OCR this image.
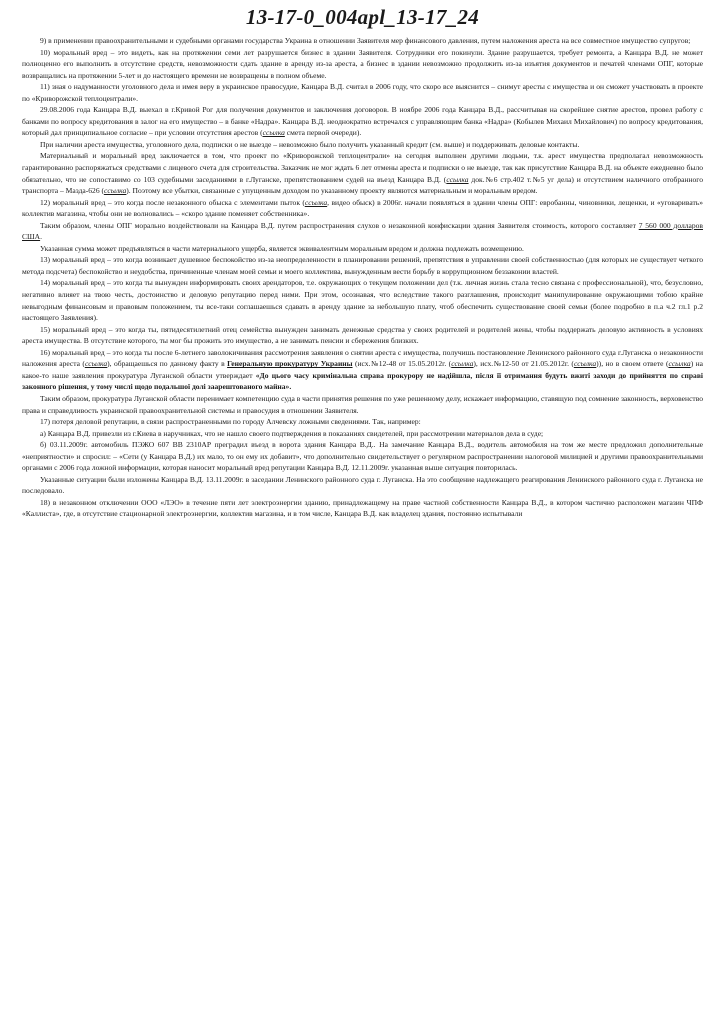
13-17-0_004apl_13-17_24

9) в применении правоохранительными и судебными органами государства Украина в отношении Заявителя мер финансового давления, путем наложения ареста на все совместное имущество супругов;

10) моральный вред – это видеть, как на протяжении семи лет разрушается бизнес в здании Заявителя. Сотрудники его покинули. Здание разрушается, требует ремонта, а Канцара В.Д. не может полноценно его выполнить в отсутствие средств, невозможности сдать здание в аренду из-за ареста, а бизнес в здании невозможно продолжить из-за изъятия документов и печатей членами ОПГ, которые возвращались на протяжении 5-лет и до настоящего времени не возвращены в полном объеме.

11) зная о надуманности уголовного дела и имея веру в украинское правосудие, Канцара В.Д. считал в 2006 году, что скоро все выяснится – снимут аресты с имущества и он сможет участвовать в проекте по «Криворожской теплоцентрали».

29.08.2006 года Канцара В.Д. выехал в г.Кривой Рог для получения документов и заключения договоров. В ноябре 2006 года Канцара В.Д., рассчитывая на скорейшее снятие арестов, провел работу с банками по вопросу кредитования в залог на его имущество – в банке «Надра». Канцара В.Д. неоднократно встречался с управляющим банка «Надра» (Кобылев Михаил Михайлович) по вопросу кредитования, который дал принципиальное согласие – при условии отсутствия арестов (ссылка смета первой очереди).

При наличии ареста имущества, уголовного дела, подписки о не выезде – невозможно было получить указанный кредит (см. выше) и поддерживать деловые контакты.

Материальный и моральный вред заключается в том, что проект по «Криворожской теплоцентрали» на сегодня выполнен другими людьми, т.к. арест имущества предполагал невозможность гарантированно распоряжаться средствами с лицевого счета для строительства. Заказчик не мог ждать 6 лет отмены ареста и подписки о не выезде, так как присутствие Канцара В.Д. на объекте ежедневно было обязательно, что не сопоставимо со 103 судебными заседаниями в г.Луганске, препятствованием судей на въезд Канцара В.Д. (ссылка док.№6 стр.402 т.№5 уг дела) и отсутствием наличного отобранного транспорта – Мазда-626 (ссылка). Поэтому все убытки, связанные с упущенным доходом по указанному проекту являются материальным и моральным вредом.

12) моральный вред – это когда после незаконного обыска с элементами пыток (ссылка, видео обыск) в 2006г. начали появляться в здании члены ОПГ: евробанны, чиновники, лещенки, и «уговаривать» коллектив магазина, чтобы они не волновались – «скоро здание поменяет собственника».

Таким образом, члены ОПГ морально воздействовали на Канцара В.Д. путем распространения слухов о незаконной конфискации здания Заявителя стоимость, которого составляет 7 560 000 долларов США.

Указанная сумма может предъявляться в части материального ущерба, является эквивалентным моральным вредом и должна подлежать возмещению.

13) моральный вред – это когда возникает душевное беспокойство из-за неопределенности в планировании решений, препятствия в управлении своей собственностью (для которых не существует четкого метода подсчета) беспокойство и неудобства, причиненные членам моей семьи и моего коллектива, вынужденным вести борьбу в коррупционном беззаконии властей.

14) моральный вред – это когда ты вынужден информировать своих арендаторов, т.е. окружающих о текущем положении дел (т.к. личная жизнь стала тесно связана с профессиональной), что, безусловно, негативно влияет на твою честь, достоинство и деловую репутацию перед ними. При этом, осознавая, что вследствие такого разглашения, происходит манипулирование окружающими тобою крайне невыгодным финансовым и правовым положением, ты все-таки соглашаешься сдавать в аренду здание за небольшую плату, чтоб обеспечить существование своей семьи (более подробно в п.а ч.2 гл.1 р.2 настоящего Заявления).

15) моральный вред – это когда ты, пятидесятилетний отец семейства вынужден занимать денежные средства у своих родителей и родителей жены, чтобы поддержать деловую активность в условиях ареста имущества. В отсутствие которого, ты мог бы прожить это имущество, а не занимать пенсии и сбережения близких.

16) моральный вред – это когда ты после 6-летнего заволокичивания рассмотрения заявления о снятии ареста с имущества, получишь постановление Ленинского районного суда г.Луганска о незаконности наложения ареста (ссылка), обращаешься по данному факту в Генеральную прокуратуру Украины (исх.№12-48 от 15.05.2012г. (ссылка), исх.№12-50 от 21.05.2012г. (ссылка)), но в своем ответе (ссылка) на какое-то наше заявления прокуратура Луганской области утверждает «До цього часу кримінальна справа прокурору не надійшла, після її отримання будуть вжиті заходи до прийняття по справі законного рішення, у тому числі щодо подальшої долі заарештованого майна».

Таким образом, прокуратура Луганской области перенимает компетенцию суда в части принятия решения по уже решенному делу, искажает информацию, ставящую под сомнение законность, верховенство права и справедливость украинской правоохранительной системы и правосудия в отношении Заявителя.

17) потеря деловой репутации, в связи распространенными по городу Алчевску ложными сведениями. Так, например:

а) Канцара В.Д. привезли из г.Киева в наручниках, что не нашло своего подтверждения в показаниях свидетелей, при рассмотрении материалов дела в суде;

б) 03.11.2009г. автомобиль ПЭЖО 607 ВВ 2310АР преградил въезд в ворота здания Канцара В.Д.. На замечание Канцара В.Д., водитель автомобиля на том же месте предложил дополнительные «неприятности» и спросил: – «Сети (у Канцара В.Д.) их мало, то он ему их добавит», что дополнительно свидетельствует о регулярном распространении налоговой милицией и другими правоохранительными органами с 2006 года ложной информации, которая наносит моральный вред репутации Канцара В.Д. 12.11.2009г. указанная выше ситуация повторилась.

Указанные ситуации были изложены Канцара В.Д. 13.11.2009г. в заседании Ленинского районного суда г. Луганска. На это сообщение надлежащего реагирования Ленинского районного суда г. Луганска не последовало.

18) в незаконном отключении ООО «ЛЭО» в течение пяти лет электроэнергии зданию, принадлежащему на праве частной собственности Канцара В.Д., в котором частично расположен магазин ЧПФ «Каллиста», где, в отсутствие стационарной электроэнергии, коллектив магазина, и в том числе, Канцара В.Д. как владелец здания, постоянно испытывали
